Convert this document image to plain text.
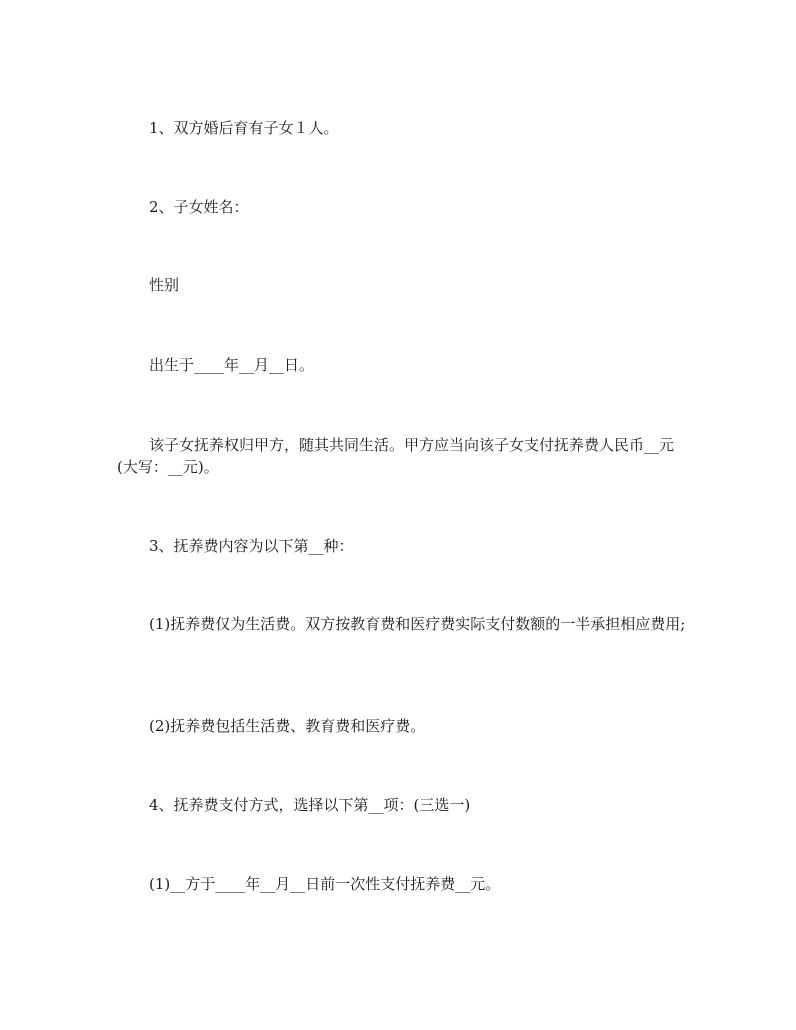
1、双方婚后育有子女１人。

2、子女姓名：

性别

出生于____年__月__日。

该子女抚养权归甲方，随其共同生活。甲方应当向该子女支付抚养费人民币__元(大写：__元)。

3、抚养费内容为以下第__种：

(1)抚养费仅为生活费。双方按教育费和医疗费实际支付数额的一半承担相应费用;

(2)抚养费包括生活费、教育费和医疗费。

4、抚养费支付方式，选择以下第__项：(三选一)

(1)__方于____年__月__日前一次性支付抚养费__元。
